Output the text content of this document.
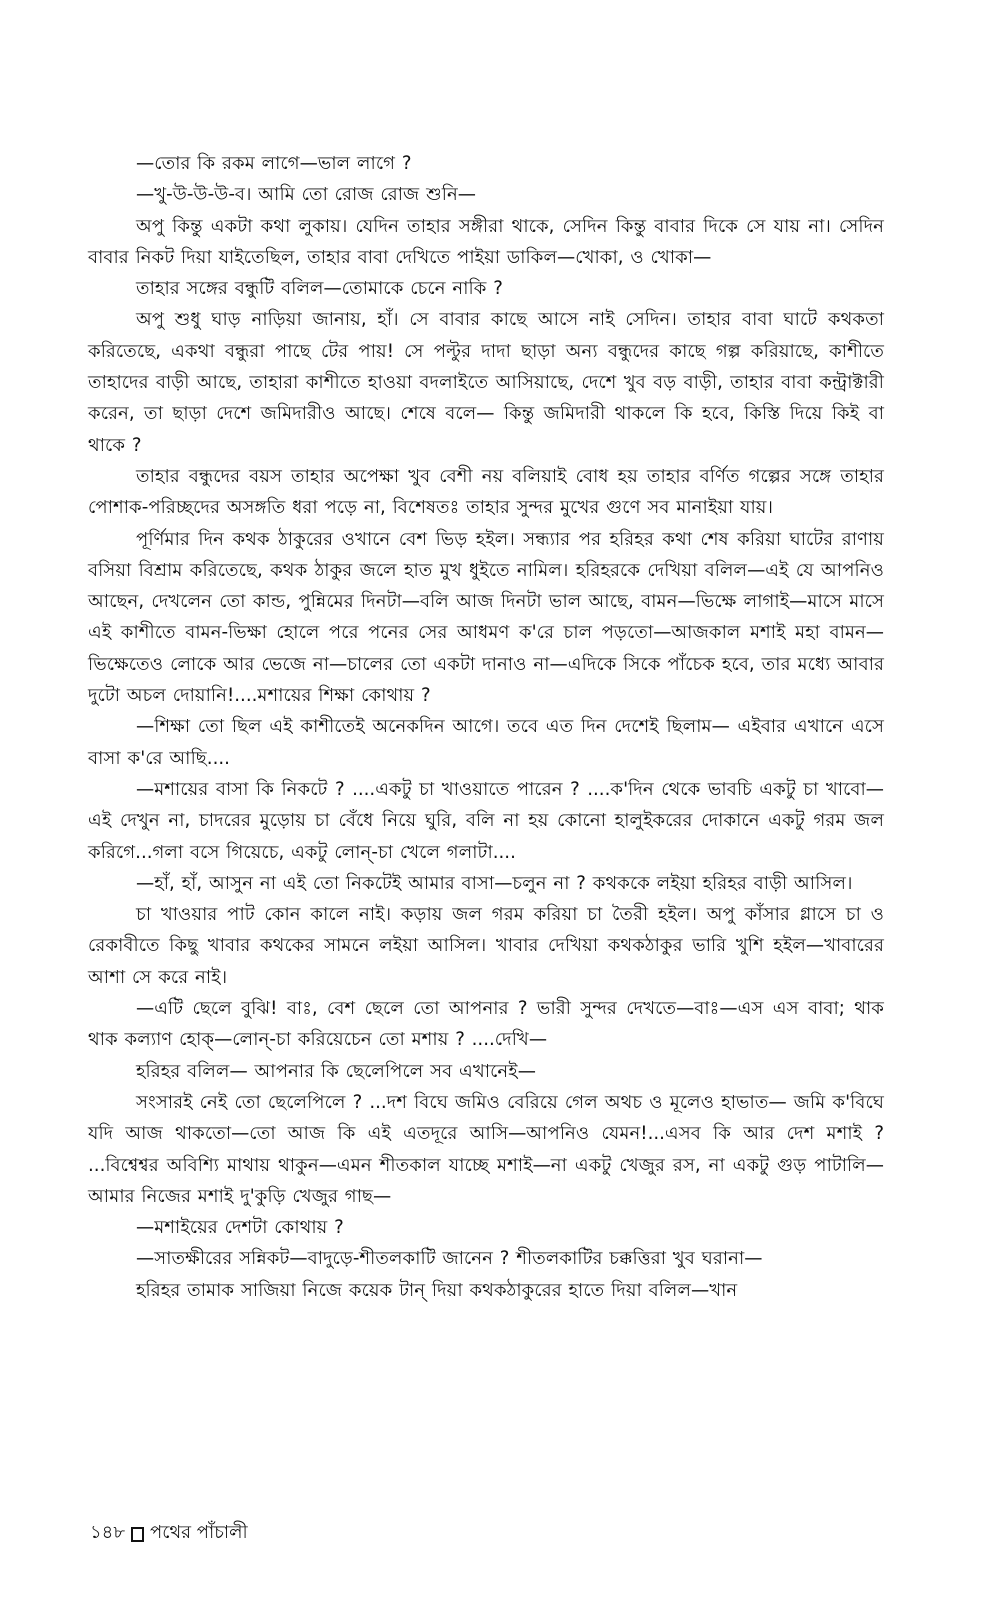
—তোর কি রকম লাগে—ভাল লাগে ?

—খু-উ-উ-উ-ব। আমি তো রোজ রোজ শুনি—

অপু কিন্তু একটা কথা লুকায়। যেদিন তাহার সঙ্গীরা থাকে, সেদিন কিন্তু বাবার দিকে সে যায় না। সেদিন বাবার নিকট দিয়া যাইতেছিল, তাহার বাবা দেখিতে পাইয়া ডাকিল—খোকা, ও খোকা—

তাহার সঙ্গের বন্ধুটি বলিল—তোমাকে চেনে নাকি ?

অপু শুধু ঘাড় নাড়িয়া জানায়, হাঁ। সে বাবার কাছে আসে নাই সেদিন। তাহার বাবা ঘাটে কথকতা করিতেছে, একথা বন্ধুরা পাছে টের পায়! সে পল্টুর দাদা ছাড়া অন্য বন্ধুদের কাছে গল্প করিয়াছে, কাশীতে তাহাদের বাড়ী আছে, তাহারা কাশীতে হাওয়া বদলাইতে আসিয়াছে, দেশে খুব বড় বাড়ী, তাহার বাবা কন্ট্রাক্টারী করেন, তা ছাড়া দেশে জমিদারীও আছে। শেষে বলে— কিন্তু জমিদারী থাকলে কি হবে, কিস্তি দিয়ে কিই বা থাকে ?

তাহার বন্ধুদের বয়স তাহার অপেক্ষা খুব বেশী নয় বলিয়াই বোধ হয় তাহার বর্ণিত গল্পের সঙ্গে তাহার পোশাক-পরিচ্ছদের অসঙ্গতি ধরা পড়ে না, বিশেষতঃ তাহার সুন্দর মুখের গুণে সব মানাইয়া যায়।

পূর্ণিমার দিন কথক ঠাকুরের ওখানে বেশ ভিড় হইল। সন্ধ্যার পর হরিহর কথা শেষ করিয়া ঘাটের রাণায় বসিয়া বিশ্রাম করিতেছে, কথক ঠাকুর জলে হাত মুখ ধুইতে নামিল। হরিহরকে দেখিয়া বলিল—এই যে আপনিও আছেন, দেখলেন তো কান্ড, পুন্নিমের দিনটা—বলি আজ দিনটা ভাল আছে, বামন—ভিক্ষে লাগাই—মাসে মাসে এই কাশীতে বামন-ভিক্ষা হোলে পরে পনের সের আধমণ ক'রে চাল পড়তো—আজকাল মশাই মহা বামন—ভিক্ষেতেও লোকে আর ভেজে না—চালের তো একটা দানাও না—এদিকে সিকে পাঁচেক হবে, তার মধ্যে আবার দুটো অচল দোয়ানি!....মশায়ের শিক্ষা কোথায় ?

—শিক্ষা তো ছিল এই কাশীতেই অনেকদিন আগে। তবে এত দিন দেশেই ছিলাম— এইবার এখানে এসে বাসা ক'রে আছি....

—মশায়ের বাসা কি নিকটে ? ....একটু চা খাওয়াতে পারেন ? ....ক'দিন থেকে ভাবচি একটু চা খাবো—এই দেখুন না, চাদরের মুড়োয় চা বেঁধে নিয়ে ঘুরি, বলি না হয় কোনো হালুইকরের দোকানে একটু গরম জল করিগে...গলা বসে গিয়েচে, একটু লোন্-চা খেলে গলাটা....

—হাঁ, হাঁ, আসুন না এই তো নিকটেই আমার বাসা—চলুন না ? কথককে লইয়া হরিহর বাড়ী আসিল।

চা খাওয়ার পাট কোন কালে নাই। কড়ায় জল গরম করিয়া চা তৈরী হইল। অপু কাঁসার গ্লাসে চা ও রেকাবীতে কিছু খাবার কথকের সামনে লইয়া আসিল। খাবার দেখিয়া কথকঠাকুর ভারি খুশি হইল—খাবারের আশা সে করে নাই।

—এটি ছেলে বুঝি! বাঃ, বেশ ছেলে তো আপনার ? ভারী সুন্দর দেখতে—বাঃ—এস এস বাবা; থাক থাক কল্যাণ হোক্—লোন্-চা করিয়েচেন তো মশায় ? ....দেখি—

হরিহর বলিল— আপনার কি ছেলেপিলে সব এখানেই—

সংসারই নেই তো ছেলেপিলে ? ...দশ বিঘে জমিও বেরিয়ে গেল অথচ ও মূলেও হাভাত— জমি ক'বিঘে যদি আজ থাকতো—তো আজ কি এই এতদূরে আসি—আপনিও যেমন!...এসব কি আর দেশ মশাই ? ...বিশ্বেশ্বর অবিশ্যি মাথায় থাকুন—এমন শীতকাল যাচ্ছে মশাই—না একটু খেজুর রস, না একটু গুড় পাটালি—আমার নিজের মশাই দু'কুড়ি খেজুর গাছ—

—মশাইয়ের দেশটা কোথায় ?

—সাতক্ষীরের সন্নিকট—বাদুড়ে-শীতলকাটি জানেন ? শীতলকাটির চক্কত্তিরা খুব ঘরানা—

হরিহর তামাক সাজিয়া নিজে কয়েক টান্ দিয়া কথকঠাকুরের হাতে দিয়া বলিল—খান

১৪৮ পথের পাঁচালী
